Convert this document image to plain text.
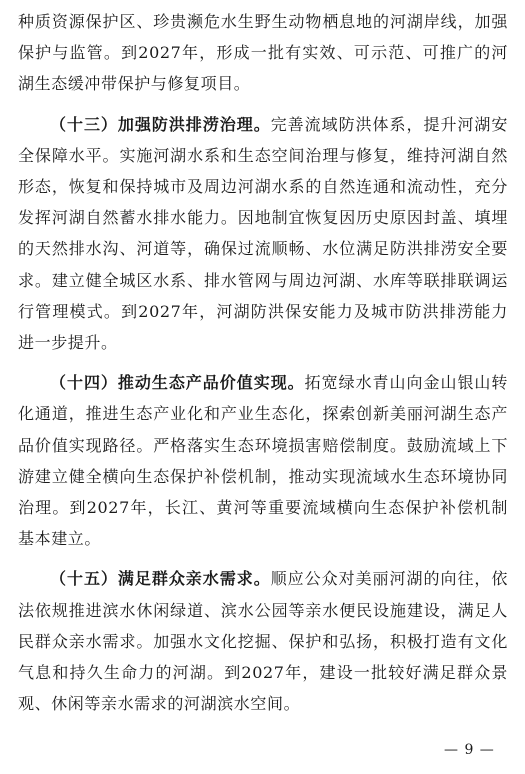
种质资源保护区、珍贵濒危水生野生动物栖息地的河湖岸线，加强保护与监管。到2027年，形成一批有实效、可示范、可推广的河湖生态缓冲带保护与修复项目。

（十三）加强防洪排涝治理。完善流域防洪体系，提升河湖安全保障水平。实施河湖水系和生态空间治理与修复，维持河湖自然形态，恢复和保持城市及周边河湖水系的自然连通和流动性，充分发挥河湖自然蓄水排水能力。因地制宜恢复因历史原因封盖、填埋的天然排水沟、河道等，确保过流顺畅、水位满足防洪排涝安全要求。建立健全城区水系、排水管网与周边河湖、水库等联排联调运行管理模式。到2027年，河湖防洪保安能力及城市防洪排涝能力进一步提升。

（十四）推动生态产品价值实现。拓宽绿水青山向金山银山转化通道，推进生态产业化和产业生态化，探索创新美丽河湖生态产品价值实现路径。严格落实生态环境损害赔偿制度。鼓励流域上下游建立健全横向生态保护补偿机制，推动实现流域水生态环境协同治理。到2027年，长江、黄河等重要流域横向生态保护补偿机制基本建立。

（十五）满足群众亲水需求。顺应公众对美丽河湖的向往，依法依规推进滨水休闲绿道、滨水公园等亲水便民设施建设，满足人民群众亲水需求。加强水文化挖掘、保护和弘扬，积极打造有文化气息和持久生命力的河湖。到2027年，建设一批较好满足群众景观、休闲等亲水需求的河湖滨水空间。

— 9 —
